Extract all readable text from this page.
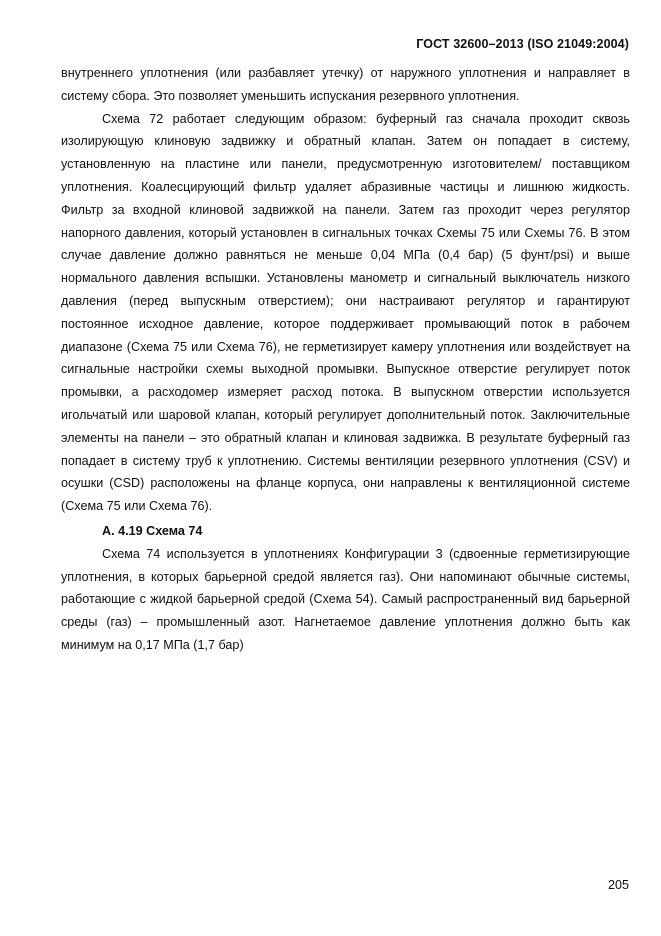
ГОСТ 32600–2013 (ISO 21049:2004)

внутреннего уплотнения (или разбавляет утечку) от наружного уплотнения и направляет в систему сбора. Это позволяет уменьшить испускания резервного уплотнения.

Схема 72 работает следующим образом: буферный газ сначала проходит сквозь изолирующую клиновую задвижку и обратный клапан. Затем он попадает в систему, установленную на пластине или панели, предусмотренную изготовителем/ поставщиком уплотнения. Коалесцирующий фильтр удаляет абразивные частицы и лишнюю жидкость. Фильтр за входной клиновой задвижкой на панели. Затем газ проходит через регулятор напорного давления, который установлен в сигнальных точках Схемы 75 или Схемы 76. В этом случае давление должно равняться не меньше 0,04 МПа (0,4 бар) (5 фунт/psi) и выше нормального давления вспышки. Установлены манометр и сигнальный выключатель низкого давления (перед выпускным отверстием); они настраивают регулятор и гарантируют постоянное исходное давление, которое поддерживает промывающий поток в рабочем диапазоне (Схема 75 или Схема 76), не герметизирует камеру уплотнения или воздействует на сигнальные настройки схемы выходной промывки. Выпускное отверстие регулирует поток промывки, а расходомер измеряет расход потока. В выпускном отверстии используется игольчатый или шаровой клапан, который регулирует дополнительный поток. Заключительные элементы на панели – это обратный клапан и клиновая задвижка. В результате буферный газ попадает в систему труб к уплотнению. Системы вентиляции резервного уплотнения (CSV) и осушки (CSD) расположены на фланце корпуса, они направлены к вентиляционной системе (Схема 75 или Схема 76).

А. 4.19 Схема 74

Схема 74 используется в уплотнениях Конфигурации 3 (сдвоенные герметизирующие уплотнения, в которых барьерной средой является газ). Они напоминают обычные системы, работающие с жидкой барьерной средой (Схема 54). Самый распространенный вид барьерной среды (газ) – промышленный азот. Нагнетаемое давление уплотнения должно быть как минимум на 0,17 МПа (1,7 бар)

205
